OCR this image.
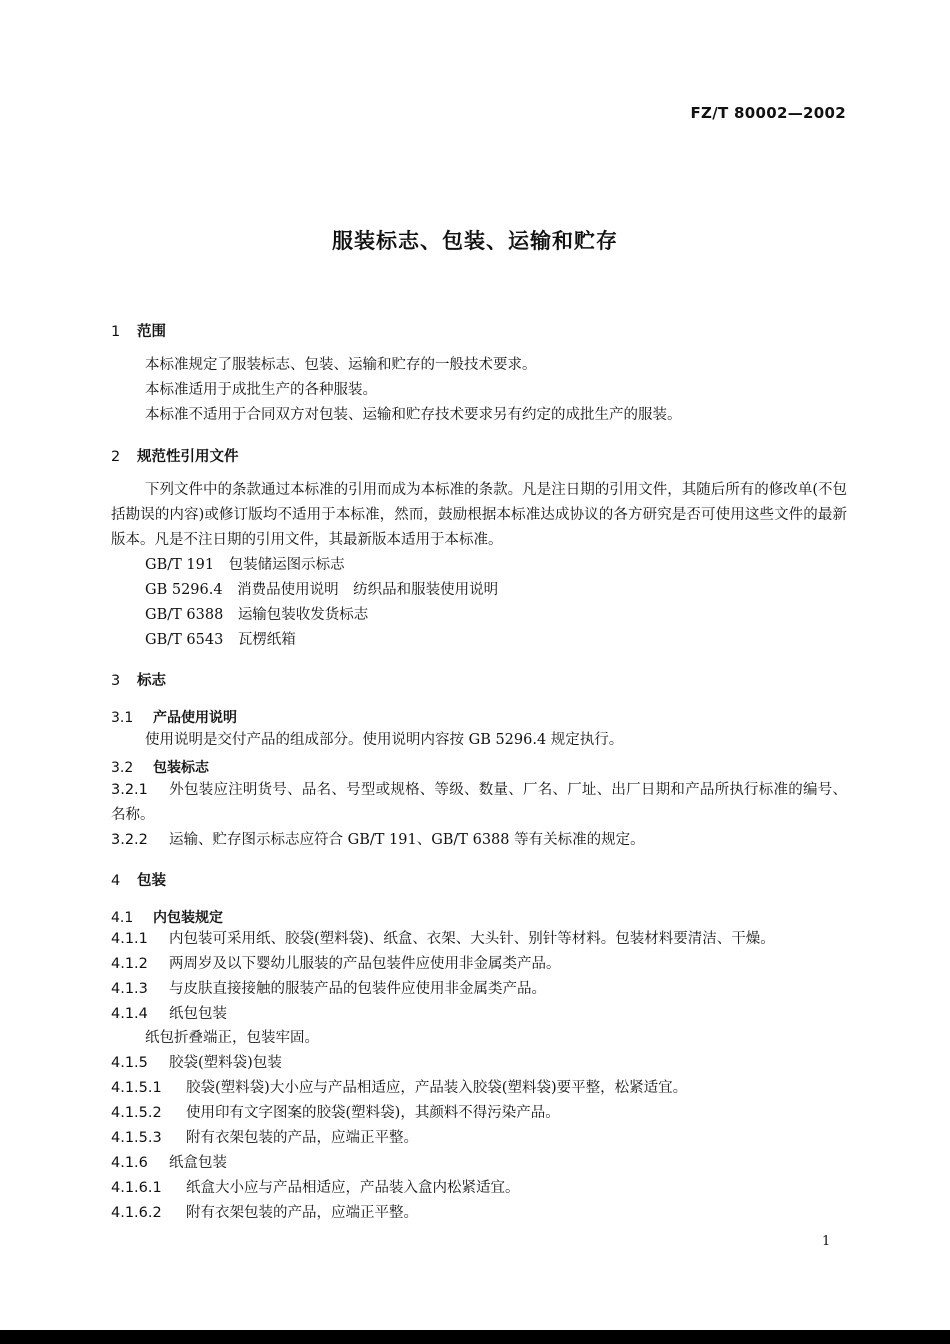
FZ/T 80002—2002
服装标志、包装、运输和贮存
1 范围
本标准规定了服装标志、包装、运输和贮存的一般技术要求。
本标准适用于成批生产的各种服装。
本标准不适用于合同双方对包装、运输和贮存技术要求另有约定的成批生产的服装。
2 规范性引用文件
下列文件中的条款通过本标准的引用而成为本标准的条款。凡是注日期的引用文件，其随后所有的修改单(不包括勘误的内容)或修订版均不适用于本标准，然而，鼓励根据本标准达成协议的各方研究是否可使用这些文件的最新版本。凡是不注日期的引用文件，其最新版本适用于本标准。
GB/T 191　 包装储运图示标志
GB 5296.4　 消费品使用说明　纺织品和服装使用说明
GB/T 6388　 运输包装收发货标志
GB/T 6543　 瓦楞纸箱
3 标志
3.1 产品使用说明
使用说明是交付产品的组成部分。使用说明内容按 GB 5296.4 规定执行。
3.2 包装标志
3.2.1 外包装应注明货号、品名、号型或规格、等级、数量、厂名、厂址、出厂日期和产品所执行标准的编号、名称。
3.2.2 运输、贮存图示标志应符合 GB/T 191、GB/T 6388 等有关标准的规定。
4 包装
4.1 内包装规定
4.1.1 内包装可采用纸、胶袋(塑料袋)、纸盒、衣架、大头针、别针等材料。包装材料要清洁、干燥。
4.1.2 两周岁及以下婴幼儿服装的产品包装件应使用非金属类产品。
4.1.3 与皮肤直接接触的服装产品的包装件应使用非金属类产品。
4.1.4 纸包包装
纸包折叠端正，包装牢固。
4.1.5 胶袋(塑料袋)包装
4.1.5.1 胶袋(塑料袋)大小应与产品相适应，产品装入胶袋(塑料袋)要平整，松紧适宜。
4.1.5.2 使用印有文字图案的胶袋(塑料袋)，其颜料不得污染产品。
4.1.5.3 附有衣架包装的产品，应端正平整。
4.1.6 纸盒包装
4.1.6.1 纸盒大小应与产品相适应，产品装入盒内松紧适宜。
4.1.6.2 附有衣架包装的产品，应端正平整。
1
